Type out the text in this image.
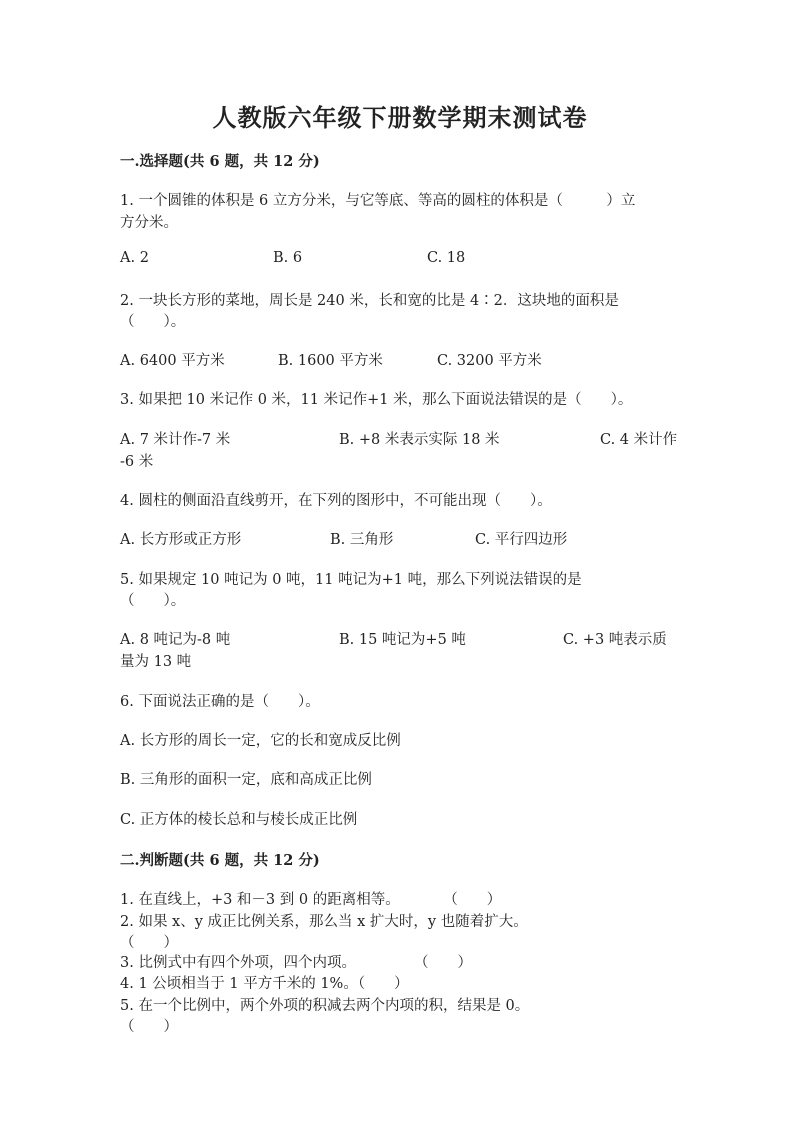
人教版六年级下册数学期末测试卷
一.选择题(共 6 题，共 12 分)
1. 一个圆锥的体积是 6 立方分米，与它等底、等高的圆柱的体积是（　　　）立
方分米。
A. 2	B. 6	C. 18
2. 一块长方形的菜地，周长是 240 米，长和宽的比是 4∶2．这块地的面积是
（　　）。
A. 6400 平方米	B. 1600 平方米	C. 3200 平方米
3. 如果把 10 米记作 0 米，11 米记作+1 米，那么下面说法错误的是（　　）。
A. 7 米计作-7 米	B. +8 米表示实际 18 米	C. 4 米计作
-6 米
4. 圆柱的侧面沿直线剪开，在下列的图形中，不可能出现（　　）。
A. 长方形或正方形	B. 三角形	C. 平行四边形
5. 如果规定 10 吨记为 0 吨，11 吨记为+1 吨，那么下列说法错误的是
（　　）。
A. 8 吨记为-8 吨	B. 15 吨记为+5 吨	C. +3 吨表示质
量为 13 吨
6. 下面说法正确的是（　　）。
A. 长方形的周长一定，它的长和宽成反比例
B. 三角形的面积一定，底和高成正比例
C. 正方体的棱长总和与棱长成正比例
二.判断题(共 6 题，共 12 分)
1. 在直线上，+3 和－3 到 0 的距离相等。　　　　（　　）
2. 如果 x、y 成正比例关系，那么当 x 扩大时，y 也随着扩大。
（　　）
3. 比例式中有四个外项，四个内项。　　　　　（　　）
4. 1 公顷相当于 1 平方千米的 1%。（　　）
5. 在一个比例中，两个外项的积减去两个内项的积，结果是 0。
（　　）
